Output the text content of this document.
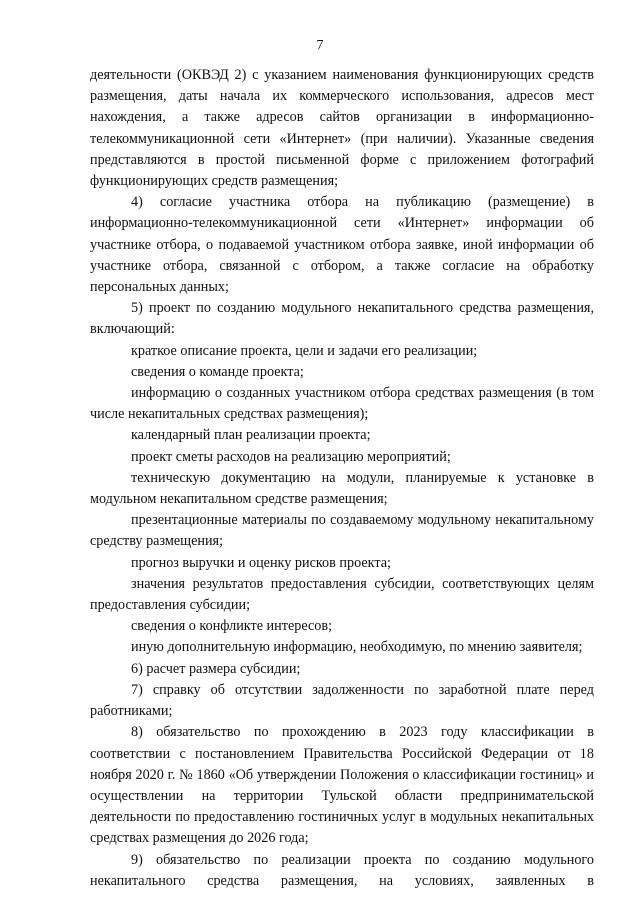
7

деятельности (ОКВЭД 2) с указанием наименования функционирующих средств размещения, даты начала их коммерческого использования, адресов мест нахождения, а также адресов сайтов организации в информационно-телекоммуникационной сети «Интернет» (при наличии). Указанные сведения представляются в простой письменной форме с приложением фотографий функционирующих средств размещения;

4) согласие участника отбора на публикацию (размещение) в информационно-телекоммуникационной сети «Интернет» информации об участнике отбора, о подаваемой участником отбора заявке, иной информации об участнике отбора, связанной с отбором, а также согласие на обработку персональных данных;

5) проект по созданию модульного некапитального средства размещения, включающий:

краткое описание проекта, цели и задачи его реализации;

сведения о команде проекта;

информацию о созданных участником отбора средствах размещения (в том числе некапитальных средствах размещения);

календарный план реализации проекта;

проект сметы расходов на реализацию мероприятий;

техническую документацию на модули, планируемые к установке в модульном некапитальном средстве размещения;

презентационные материалы по создаваемому модульному некапитальному средству размещения;

прогноз выручки и оценку рисков проекта;

значения результатов предоставления субсидии, соответствующих целям предоставления субсидии;

сведения о конфликте интересов;

иную дополнительную информацию, необходимую, по мнению заявителя;

6) расчет размера субсидии;

7) справку об отсутствии задолженности по заработной плате перед работниками;

8) обязательство по прохождению в 2023 году классификации в соответствии с постановлением Правительства Российской Федерации от 18 ноября 2020 г. № 1860 «Об утверждении Положения о классификации гостиниц» и осуществлении на территории Тульской области предпринимательской деятельности по предоставлению гостиничных услуг в модульных некапитальных средствах размещения до 2026 года;

9) обязательство по реализации проекта по созданию модульного некапитального средства размещения, на условиях, заявленных в
